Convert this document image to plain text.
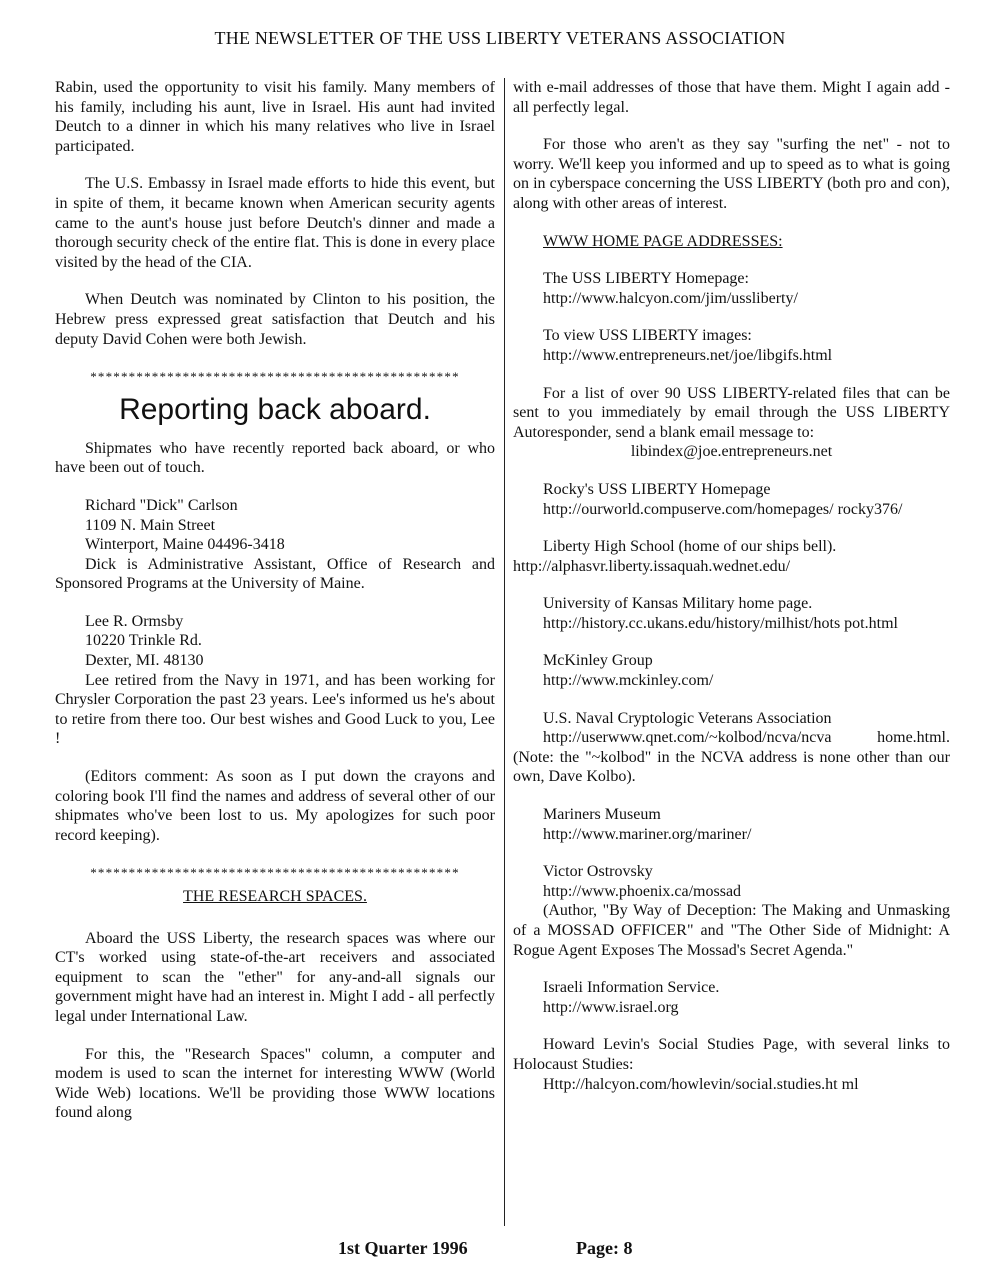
THE NEWSLETTER OF THE USS LIBERTY VETERANS ASSOCIATION

Rabin, used the opportunity to visit his family. Many members of his family, including his aunt, live in Israel. His aunt had invited Deutch to a dinner in which his many relatives who live in Israel participated.

The U.S. Embassy in Israel made efforts to hide this event, but in spite of them, it became known when American security agents came to the aunt's house just before Deutch's dinner and made a thorough security check of the entire flat. This is done in every place visited by the head of the CIA.

When Deutch was nominated by Clinton to his position, the Hebrew press expressed great satisfaction that Deutch and his deputy David Cohen were both Jewish.

************************************************
Reporting back aboard.

Shipmates who have recently reported back aboard, or who have been out of touch.

Richard "Dick" Carlson
1109 N. Main Street
Winterport, Maine 04496-3418
Dick is Administrative Assistant, Office of Research and Sponsored Programs at the University of Maine.
Lee R. Ormsby
10220 Trinkle Rd.
Dexter, MI. 48130
Lee retired from the Navy in 1971, and has been working for Chrysler Corporation the past 23 years. Lee's informed us he's about to retire from there too. Our best wishes and Good Luck to you, Lee !

(Editors comment: As soon as I put down the crayons and coloring book I'll find the names and address of several other of our shipmates who've been lost to us. My apologizes for such poor record keeping).

************************************************

THE RESEARCH SPACES.

Aboard the USS Liberty, the research spaces was where our CT's worked using state-of-the-art receivers and associated equipment to scan the "ether" for any-and-all signals our government might have had an interest in. Might I add - all perfectly legal under International Law.

For this, the "Research Spaces" column, a computer and modem is used to scan the internet for interesting WWW (World Wide Web) locations. We'll be providing those WWW locations found along

with e-mail addresses of those that have them. Might I again add - all perfectly legal.

For those who aren't as they say "surfing the net" - not to worry. We'll keep you informed and up to speed as to what is going on in cyberspace concerning the USS LIBERTY (both pro and con), along with other areas of interest.

WWW HOME PAGE ADDRESSES:

The USS LIBERTY Homepage:
http://www.halcyon.com/jim/ussliberty/
To view USS LIBERTY images:
http://www.entrepreneurs.net/joe/libgifs.html
For a list of over 90 USS LIBERTY-related files that can be sent to you immediately by email through the USS LIBERTY Autoresponder, send a blank email message to:
libindex@joe.entrepreneurs.net
Rocky's USS LIBERTY Homepage
http://ourworld.compuserve.com/homepages/ rocky376/
Liberty High School (home of our ships bell).
http://alphasvr.liberty.issaquah.wednet.edu/
University of Kansas Military home page.
http://history.cc.ukans.edu/history/milhist/hots pot.html
McKinley Group
http://www.mckinley.com/
U.S. Naval Cryptologic Veterans Association
http://userwww.qnet.com/~kolbod/ncva/ncva home.html. (Note: the "~kolbod" in the NCVA address is none other than our own, Dave Kolbo).
Mariners Museum
http://www.mariner.org/mariner/
Victor Ostrovsky
http://www.phoenix.ca/mossad
(Author, "By Way of Deception: The Making and Unmasking of a MOSSAD OFFICER" and "The Other Side of Midnight: A Rogue Agent Exposes The Mossad's Secret Agenda."
Israeli Information Service.
http://www.israel.org
Howard Levin's Social Studies Page, with several links to Holocaust Studies:
Http://halcyon.com/howlevin/social.studies.ht ml
1st Quarter 1996	Page: 8
